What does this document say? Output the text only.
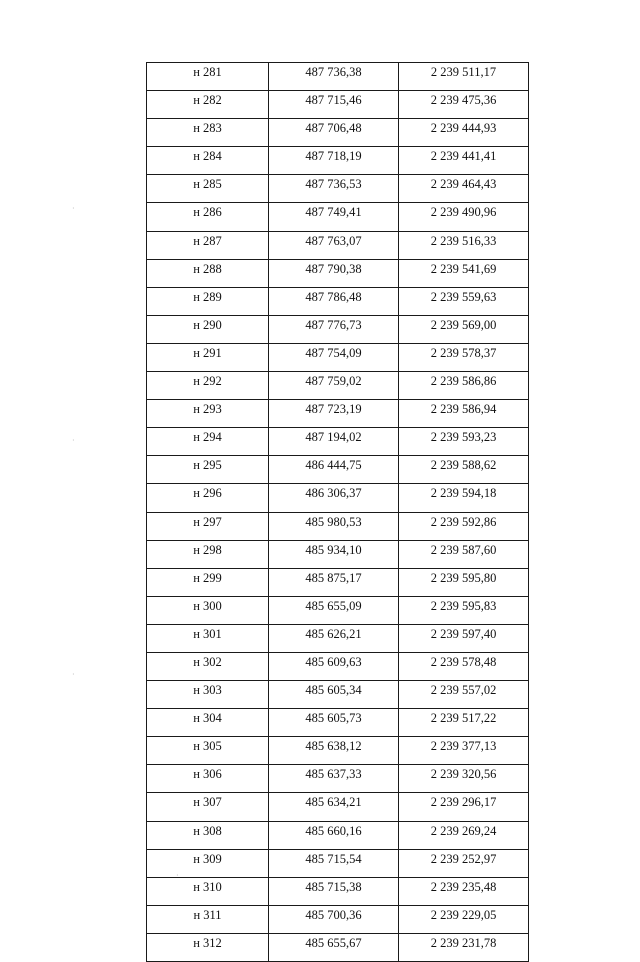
н 281	487 736,38	2 239 511,17
н 282	487 715,46	2 239 475,36
н 283	487 706,48	2 239 444,93
н 284	487 718,19	2 239 441,41
н 285	487 736,53	2 239 464,43
н 286	487 749,41	2 239 490,96
н 287	487 763,07	2 239 516,33
н 288	487 790,38	2 239 541,69
н 289	487 786,48	2 239 559,63
н 290	487 776,73	2 239 569,00
н 291	487 754,09	2 239 578,37
н 292	487 759,02	2 239 586,86
н 293	487 723,19	2 239 586,94
н 294	487 194,02	2 239 593,23
н 295	486 444,75	2 239 588,62
н 296	486 306,37	2 239 594,18
н 297	485 980,53	2 239 592,86
н 298	485 934,10	2 239 587,60
н 299	485 875,17	2 239 595,80
н 300	485 655,09	2 239 595,83
н 301	485 626,21	2 239 597,40
н 302	485 609,63	2 239 578,48
н 303	485 605,34	2 239 557,02
н 304	485 605,73	2 239 517,22
н 305	485 638,12	2 239 377,13
н 306	485 637,33	2 239 320,56
н 307	485 634,21	2 239 296,17
н 308	485 660,16	2 239 269,24
н 309	485 715,54	2 239 252,97
н 310	485 715,38	2 239 235,48
н 311	485 700,36	2 239 229,05
н 312	485 655,67	2 239 231,78
·
·
·
·
